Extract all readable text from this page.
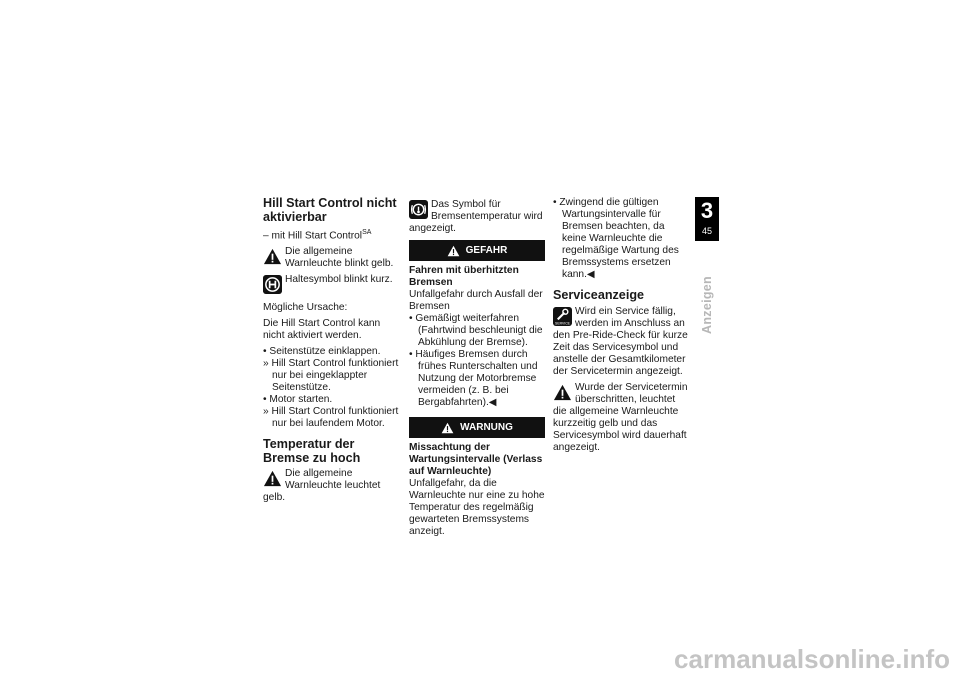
Hill Start Control nicht aktivierbar

– mit Hill Start Control$^{SA}$

Die allgemeine Warnleuchte blinkt gelb.
Haltesymbol blinkt kurz.

Mögliche Ursache:

Die Hill Start Control kann nicht aktiviert werden.

• Seitenstütze einklappen.
» Hill Start Control funktioniert nur bei eingeklappter Seitenstütze.
• Motor starten.
» Hill Start Control funktioniert nur bei laufendem Motor.
Temperatur der Bremse zu hoch
Die allgemeine Warnleuchte leuchtet gelb.
Das Symbol für Bremsentemperatur wird angezeigt.
GEFAHR

Fahren mit überhitzten Bremsen

Unfallgefahr durch Ausfall der Bremsen

• Gemäßigt weiterfahren (Fahrtwind beschleunigt die Abkühlung der Bremse).
• Häufiges Bremsen durch frühes Runterschalten und Nutzung der Motorbremse vermeiden (z. B. bei Bergabfahrten).◀
WARNUNG

Missachtung der Wartungsintervalle (Verlass auf Warnleuchte)

Unfallgefahr, da die Warnleuchte nur eine zu hohe Temperatur des regelmäßig gewarteten Bremssystems anzeigt.

• Zwingend die gültigen Wartungsintervalle für Bremsen beachten, da keine Warnleuchte die regelmäßige Wartung des Bremssystems ersetzen kann.◀
Serviceanzeige
SERVICE
Wird ein Service fällig, werden im Anschluss an den Pre-Ride-Check für kurze Zeit das Servicesymbol und anstelle der Gesamtkilometer der Servicetermin angezeigt.
Wurde der Servicetermin überschritten, leuchtet die allgemeine Warnleuchte kurzzeitig gelb und das Servicesymbol wird dauerhaft angezeigt.
3
45
Anzeigen
carmanualsonline.info
